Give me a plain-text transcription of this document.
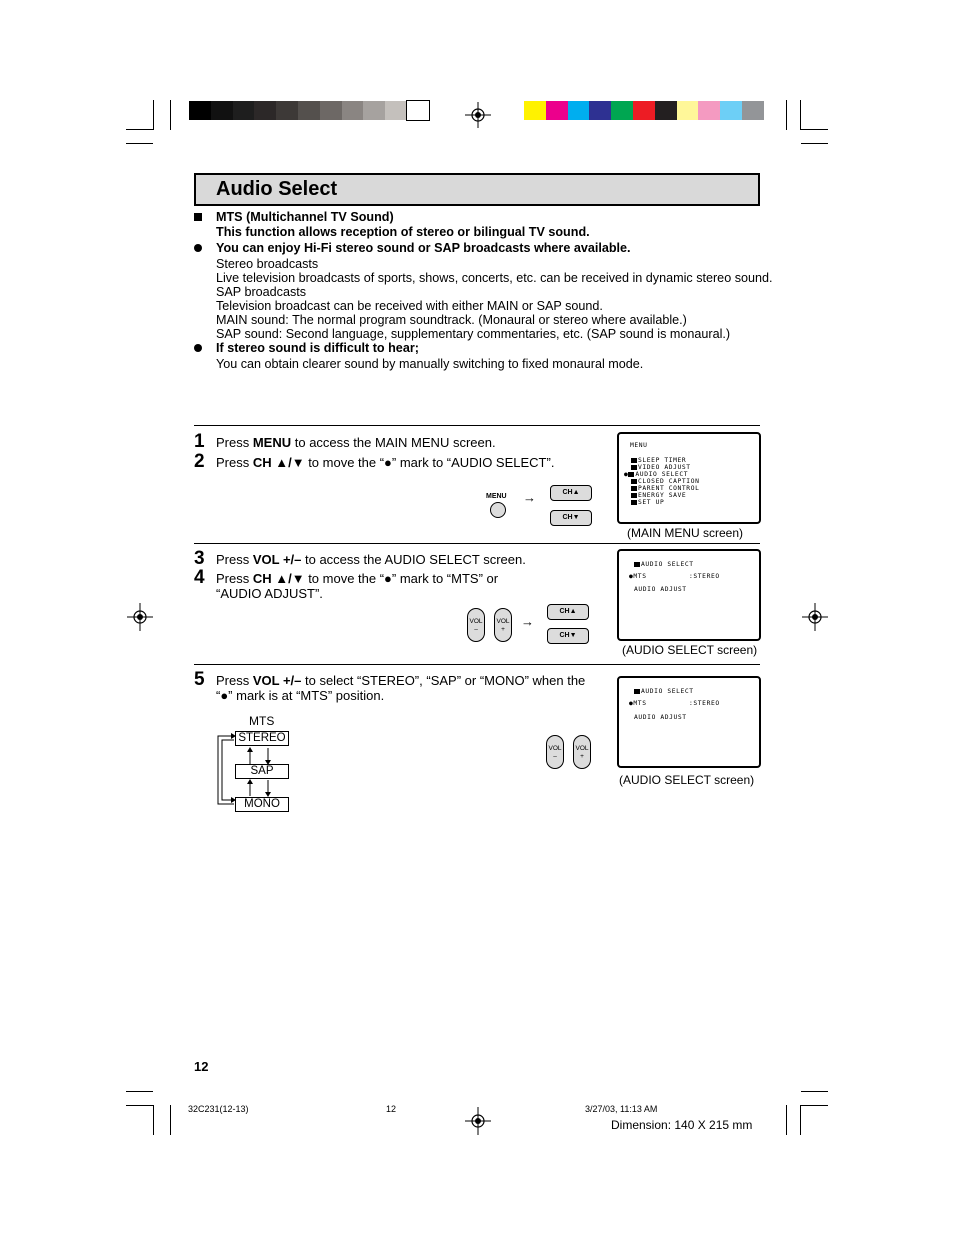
Audio Select
MTS (Multichannel TV Sound)
This function allows reception of stereo or bilingual TV sound.
You can enjoy Hi-Fi stereo sound or SAP broadcasts where available.
Stereo broadcasts
Live television broadcasts of sports, shows, concerts, etc. can be received in dynamic stereo sound.
SAP broadcasts
Television broadcast can be received with either MAIN or SAP sound.
MAIN sound: The normal program soundtrack. (Monaural or stereo where available.)
SAP sound: Second language, supplementary commentaries, etc. (SAP sound is monaural.)
If stereo sound is difficult to hear;
You can obtain clearer sound by manually switching to fixed monaural mode.
1 Press MENU to access the MAIN MENU screen.
2 Press CH ▲/▼ to move the “●” mark to “AUDIO SELECT”.
MENU →	CH▲
CH▼
MENU
SLEEP TIMER
VIDEO ADJUST
● AUDIO SELECT
CLOSED CAPTION
PARENT CONTROL
ENERGY SAVE
SET UP
(MAIN MENU screen)
3 Press VOL +/– to access the AUDIO SELECT screen.
4 Press CH ▲/▼ to move the “●” mark to “MTS” or
“AUDIO ADJUST”.
VOL
–
VOL
+
→
CH▲
CH▼
AUDIO SELECT
●MTS	:STEREO
AUDIO ADJUST
(AUDIO SELECT screen)
5 Press VOL +/– to select “STEREO”, “SAP” or “MONO” when the
“●” mark is at “MTS” position.
MTS
STEREO
SAP
MONO
VOL
–
VOL
+
AUDIO SELECT
●MTS	:STEREO
AUDIO ADJUST
(AUDIO SELECT screen)
12
32C231(12-13)	12	3/27/03, 11:13 AM
Dimension: 140 X 215 mm
